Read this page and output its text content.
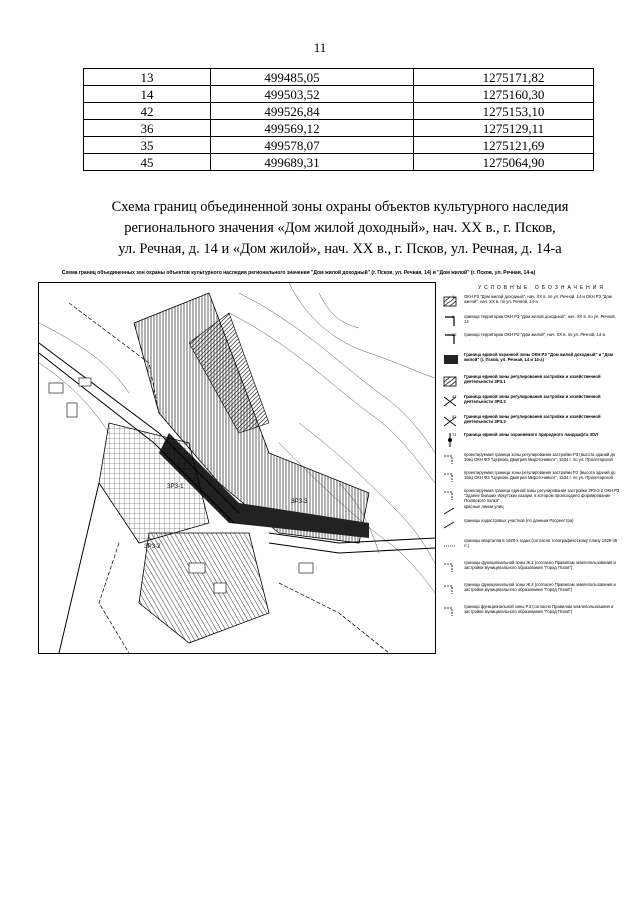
11
13	499485,05	1275171,82
14	499503,52	1275160,30
42	499526,84	1275153,10
36	499569,12	1275129,11
35	499578,07	1275121,69
45	499689,31	1275064,90
Схема границ объединенной зоны охраны объектов культурного наследия
регионального значения «Дом жилой доходный», нач. XX в., г. Псков,
ул. Речная, д. 14 и «Дом жилой», нач. XX в., г. Псков, ул. Речная, д. 14-а
Схема границ объединенных зон охраны объектов культурного наследия регионального значения "Дом жилой доходный" (г. Псков, ул. Речная, 14) и "Дом жилой" (г. Псков, ул. Речная, 14-а)
ЗРЗ-1
ЗРЗ-2
ЗРЗ-3
УСЛОВНЫЕ ОБОЗНАЧЕНИЯ
1 ОКН РЗ "Дом жилой доходный", нач. XX в. по ул. Речной, 14 и ОКН РЗ "Дом жилой", нач. XX в. по ул. Речной, 14-а
2 граница территории ОКН РЗ "Дом жилой доходный", нач. XX в. по ул. Речной, 14
12 граница территории ОКН РЗ "Дом жилой", нач. XX в. по ул. Речной, 14-а
Граница единой охранной зоны ОКН РЗ "Дом жилой доходный" и "Дом жилой" (г. Псков, ул. Речная, 14 и 14-а)
Граница единой зоны регулирования застройки и хозяйственной деятельности ЗРЗ.1
47 Граница единой зоны регулирования застройки и хозяйственной деятельности ЗРЗ.2
52 Граница единой зоны регулирования застройки и хозяйственной деятельности ЗРЗ.3
71 Граница единой зоны охраняемого природного ландшафта ЗОЛ
проектируемая граница зоны регулирования застройки РЗ (высота зданий до 10м) ОКН ФЗ "Церковь Дмитрия Мироточивого", 1534 г. по ул. Пролетарской
проектируемая граница зоны регулирования застройки Р.2 (высота зданий до 15м) ОКН ФЗ "Церковь Дмитрия Мироточивого", 1534 г. по ул. Пролетарской
проектируемая граница единой зоны регулирования застройки ЗРЗ-3.2 ОКН РЗ "Здание бывших Иркутских казарм, в котором происходило формирование Псковского полка"
красные линии улиц
границы кадастровых участков (по данным Росреестра)
границы кварталов в 1920-х годах (согласно топографическому плану 1929-35 гг.)
границы функциональной зоны Ж.1 (согласно Правилам землепользования и застройки муниципального образования "Город Псков")
границы функциональной зоны Ж.4 (согласно Правилам землепользования и застройки муниципального образования "Город Псков")
граница функциональной зоны Р.3 (согласно Правилам землепользования и застройки муниципального образования "Город Псков")
